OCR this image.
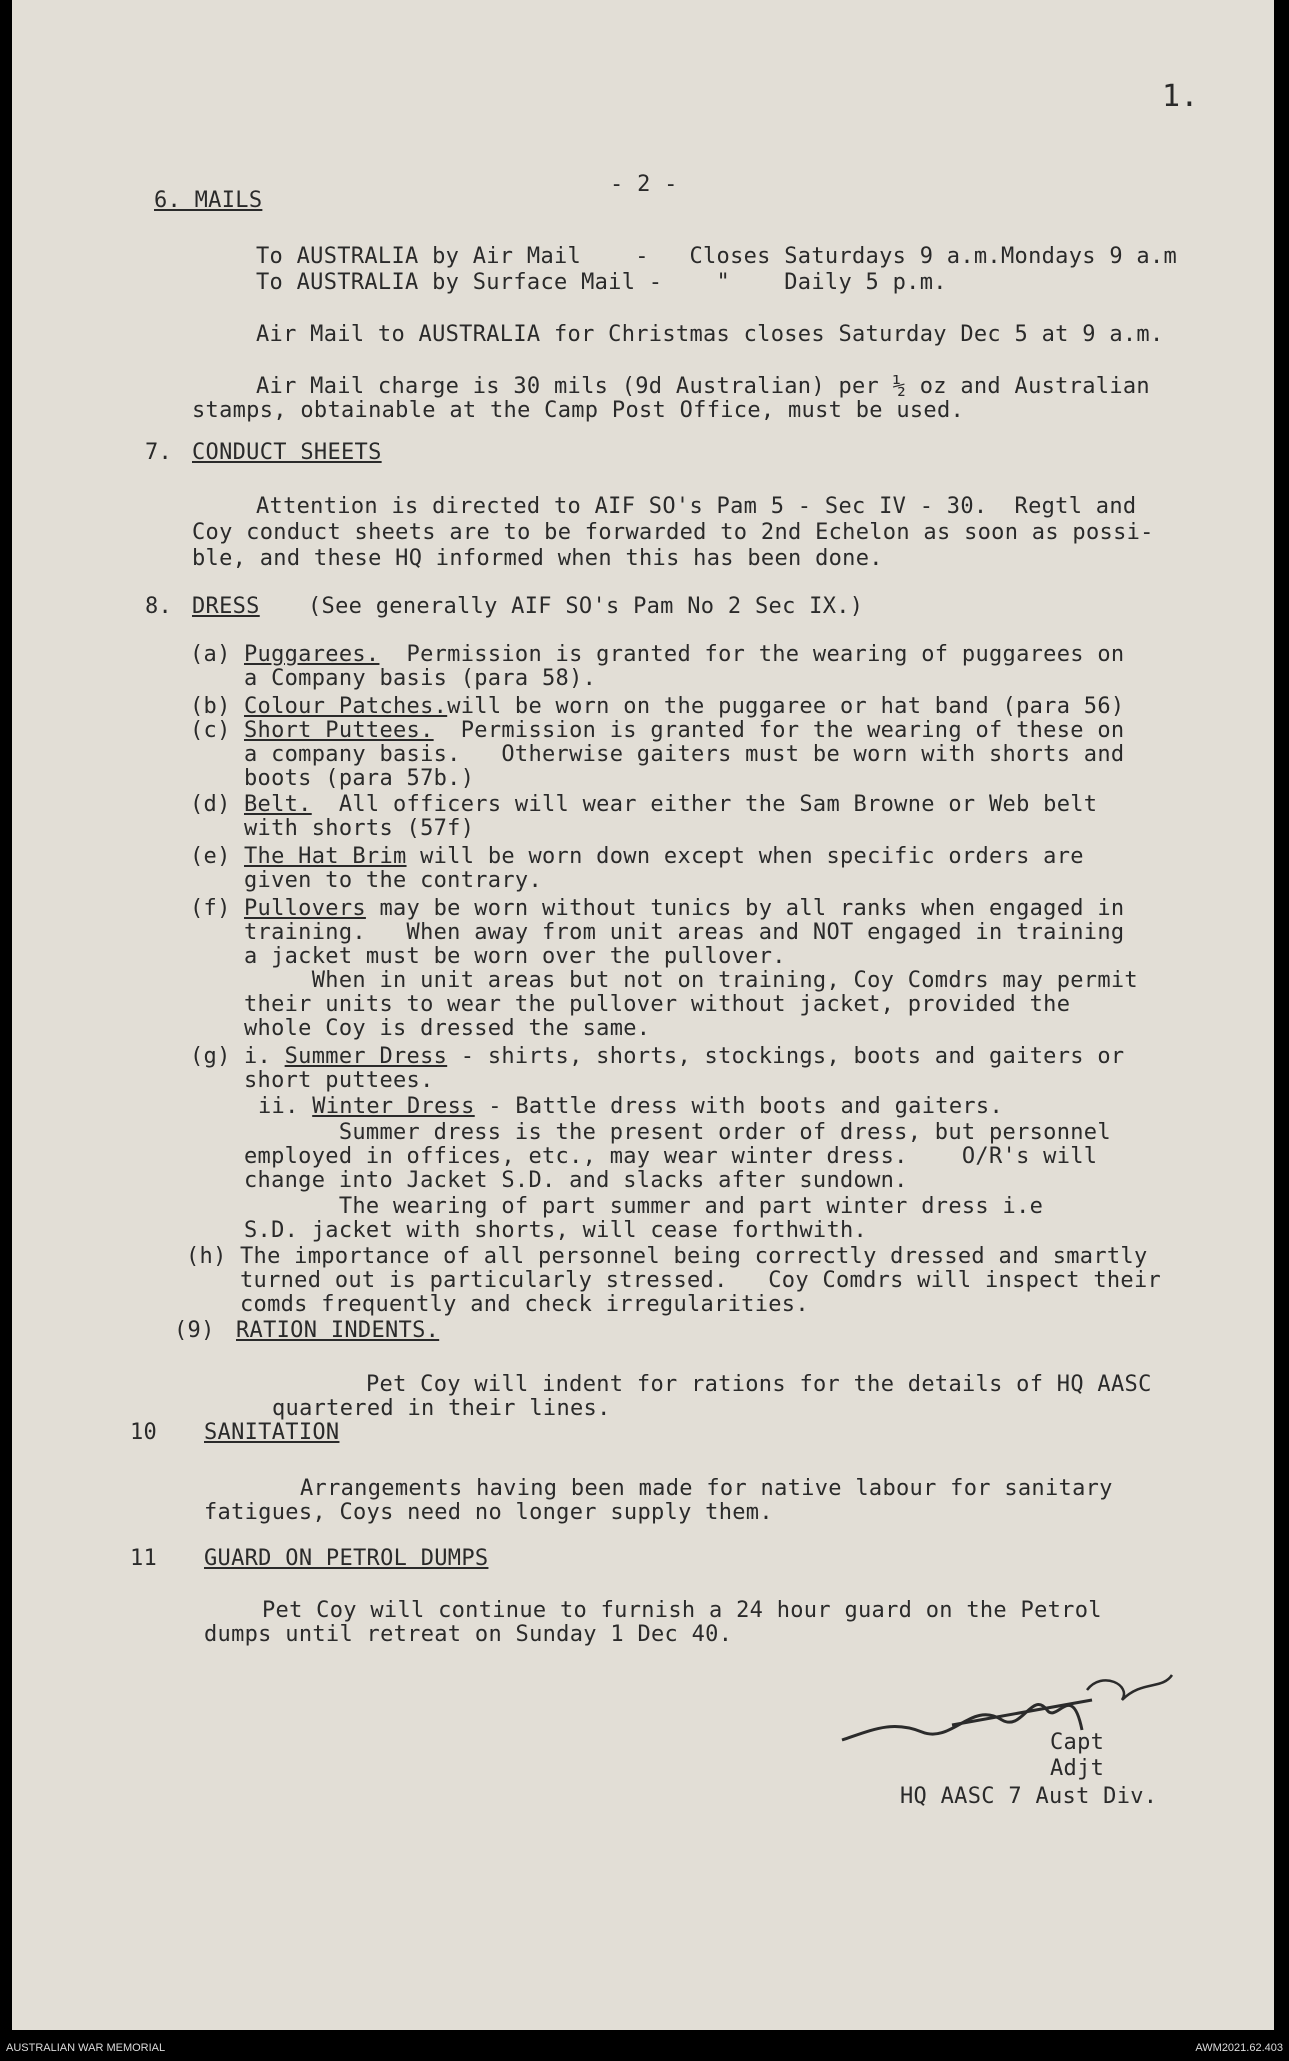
1.
- 2 -
6. MAILS
To AUSTRALIA by Air Mail    -   Closes Saturdays 9 a.m.Mondays 9 a.m
To AUSTRALIA by Surface Mail -    "    Daily 5 p.m.
Air Mail to AUSTRALIA for Christmas closes Saturday Dec 5 at 9 a.m.
Air Mail charge is 30 mils (9d Australian) per ½ oz and Australian
stamps, obtainable at the Camp Post Office, must be used.
7. CONDUCT SHEETS
Attention is directed to AIF SO's Pam 5 - Sec IV - 30.  Regtl and
Coy conduct sheets are to be forwarded to 2nd Echelon as soon as possi-
ble, and these HQ informed when this has been done.
8. DRESS (See generally AIF SO's Pam No 2 Sec IX.)
(a) Puggarees.  Permission is granted for the wearing of puggarees on
a Company basis (para 58).
(b) Colour Patches.will be worn on the puggaree or hat band (para 56)
(c) Short Puttees.  Permission is granted for the wearing of these on
a company basis.   Otherwise gaiters must be worn with shorts and
boots (para 57b.)
(d) Belt.  All officers will wear either the Sam Browne or Web belt
with shorts (57f)
(e) The Hat Brim will be worn down except when specific orders are
given to the contrary.
(f) Pullovers may be worn without tunics by all ranks when engaged in
training.   When away from unit areas and NOT engaged in training
a jacket must be worn over the pullover.
When in unit areas but not on training, Coy Comdrs may permit
their units to wear the pullover without jacket, provided the
whole Coy is dressed the same.
(g) i. Summer Dress - shirts, shorts, stockings, boots and gaiters or
short puttees.
ii. Winter Dress - Battle dress with boots and gaiters.
Summer dress is the present order of dress, but personnel
employed in offices, etc., may wear winter dress.    O/R's will
change into Jacket S.D. and slacks after sundown.
The wearing of part summer and part winter dress i.e
S.D. jacket with shorts, will cease forthwith.
(h) The importance of all personnel being correctly dressed and smartly
turned out is particularly stressed.   Coy Comdrs will inspect their
comds frequently and check irregularities.
(9) RATION INDENTS.
Pet Coy will indent for rations for the details of HQ AASC
quartered in their lines.
10 SANITATION
Arrangements having been made for native labour for sanitary
fatigues, Coys need no longer supply them.
11 GUARD ON PETROL DUMPS
Pet Coy will continue to furnish a 24 hour guard on the Petrol
dumps until retreat on Sunday 1 Dec 40.
Capt
Adjt
HQ AASC 7 Aust Div.
AUSTRALIAN WAR MEMORIAL	AWM2021.62.403
